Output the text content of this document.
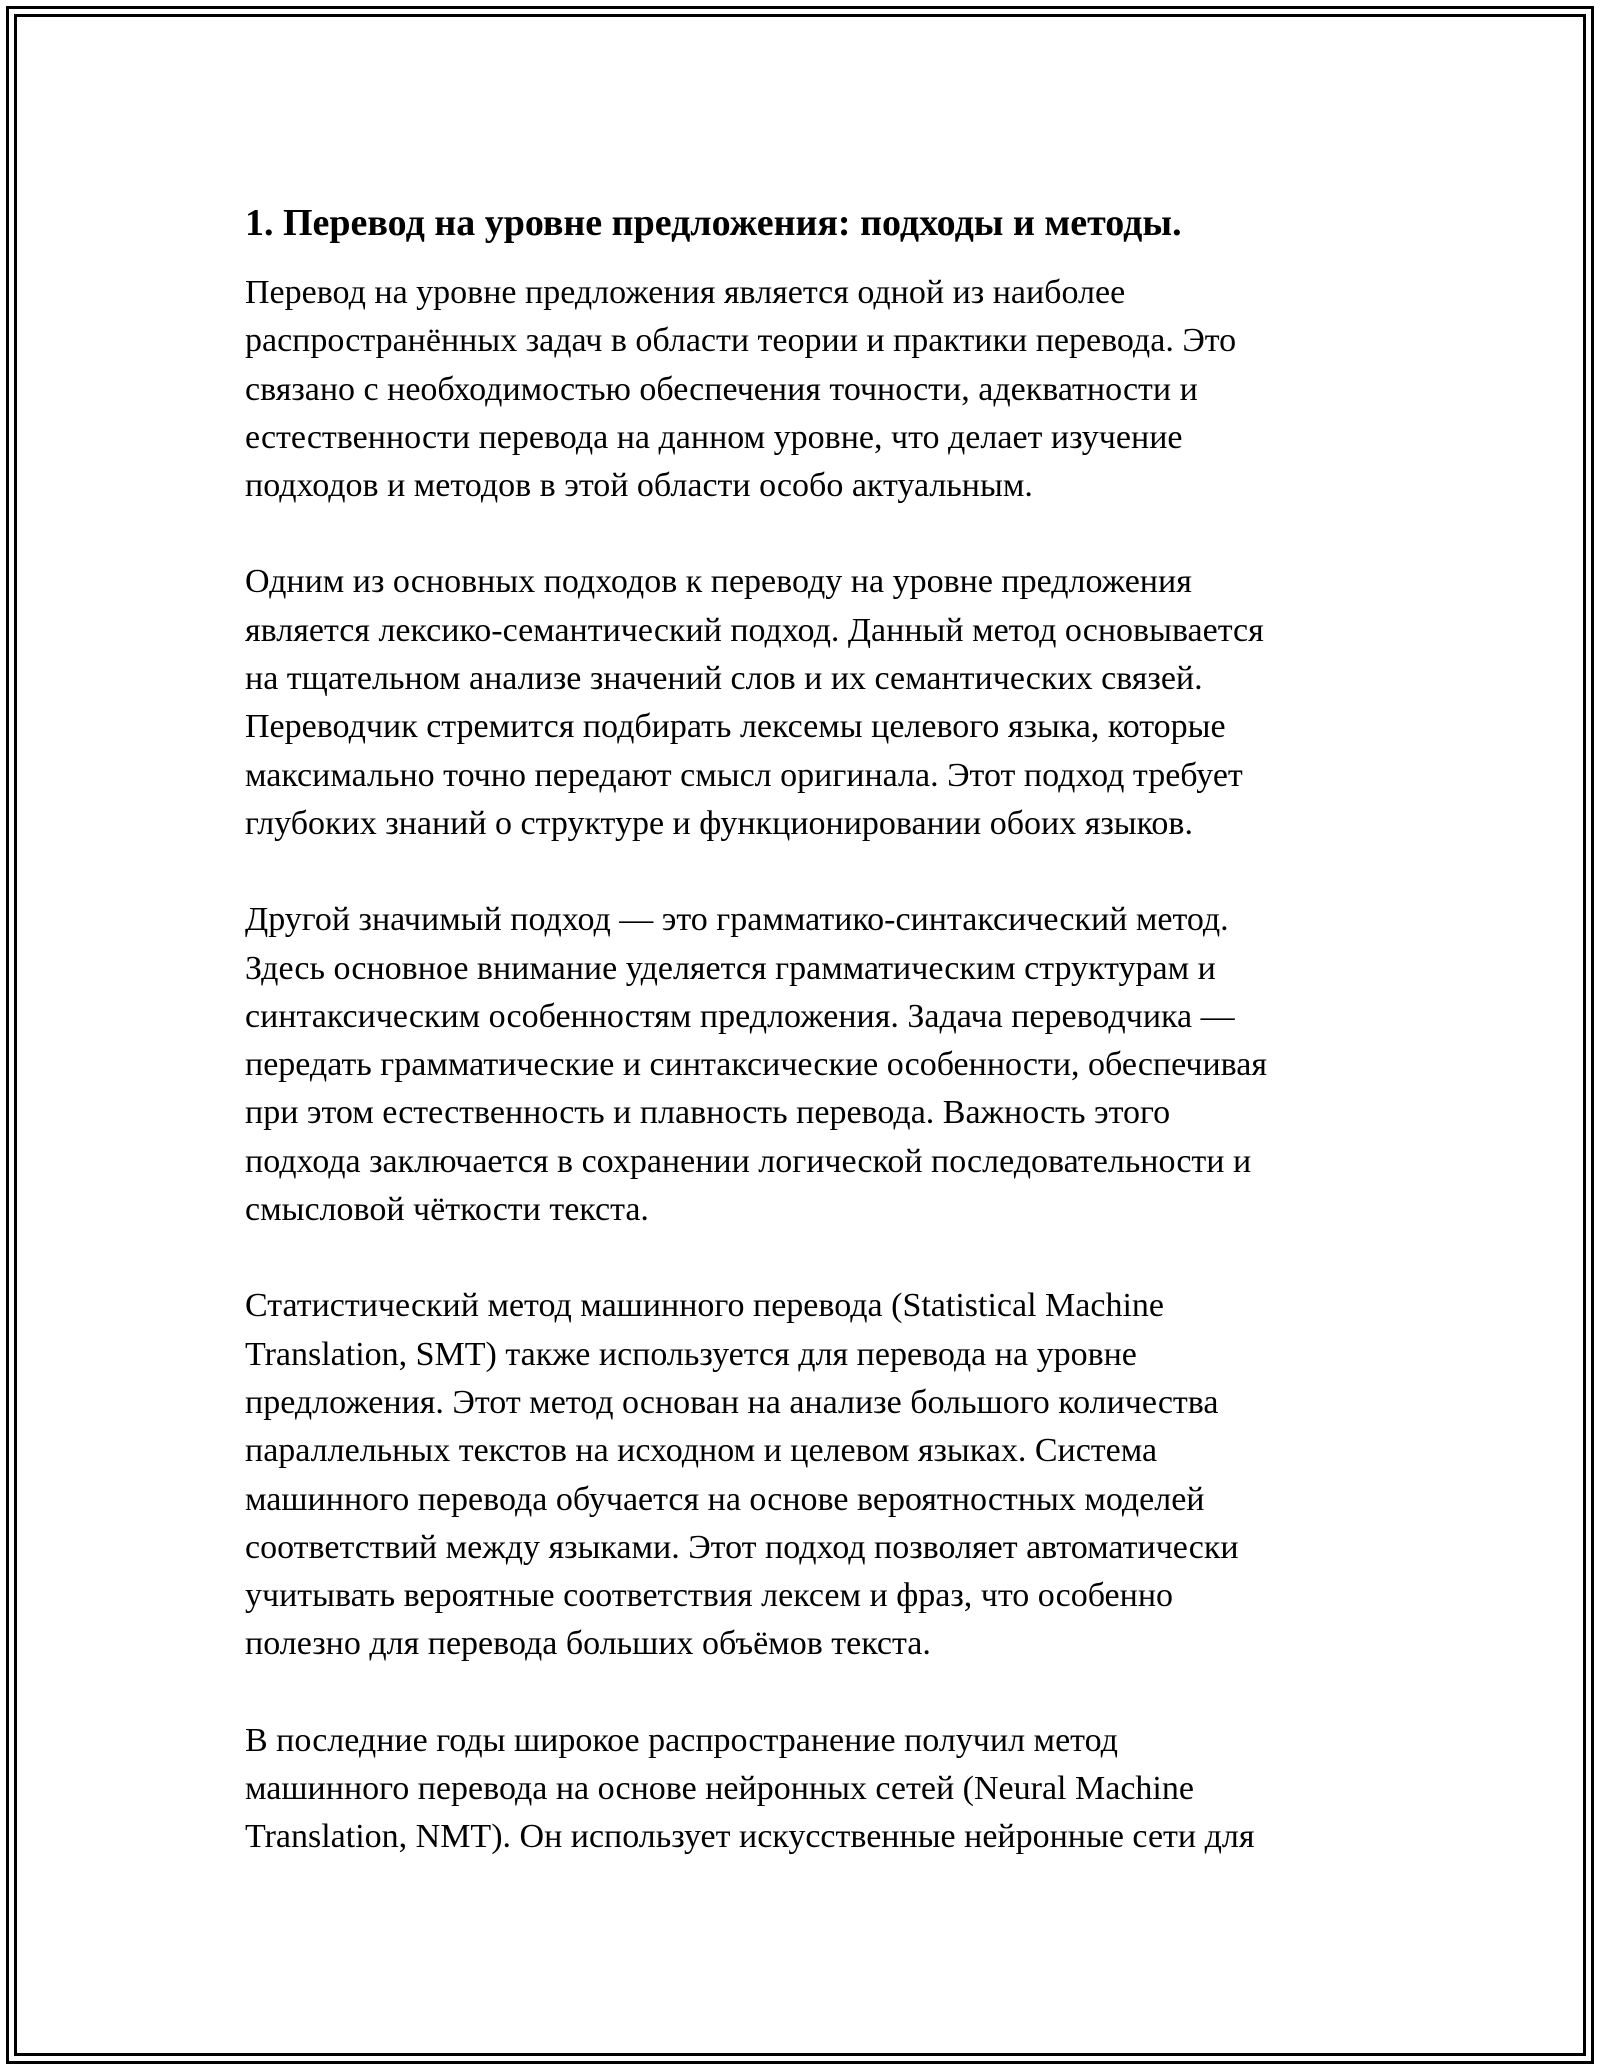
1. Перевод на уровне предложения: подходы и методы.

Перевод на уровне предложения является одной из наиболее
распространённых задач в области теории и практики перевода. Это
связано с необходимостью обеспечения точности, адекватности и
естественности перевода на данном уровне, что делает изучение
подходов и методов в этой области особо актуальным.

Одним из основных подходов к переводу на уровне предложения
является лексико-семантический подход. Данный метод основывается
на тщательном анализе значений слов и их семантических связей.
Переводчик стремится подбирать лексемы целевого языка, которые
максимально точно передают смысл оригинала. Этот подход требует
глубоких знаний о структуре и функционировании обоих языков.

Другой значимый подход — это грамматико-синтаксический метод.
Здесь основное внимание уделяется грамматическим структурам и
синтаксическим особенностям предложения. Задача переводчика —
передать грамматические и синтаксические особенности, обеспечивая
при этом естественность и плавность перевода. Важность этого
подхода заключается в сохранении логической последовательности и
смысловой чёткости текста.

Статистический метод машинного перевода (Statistical Machine
Translation, SMT) также используется для перевода на уровне
предложения. Этот метод основан на анализе большого количества
параллельных текстов на исходном и целевом языках. Система
машинного перевода обучается на основе вероятностных моделей
соответствий между языками. Этот подход позволяет автоматически
учитывать вероятные соответствия лексем и фраз, что особенно
полезно для перевода больших объёмов текста.

В последние годы широкое распространение получил метод
машинного перевода на основе нейронных сетей (Neural Machine
Translation, NMT). Он использует искусственные нейронные сети для
